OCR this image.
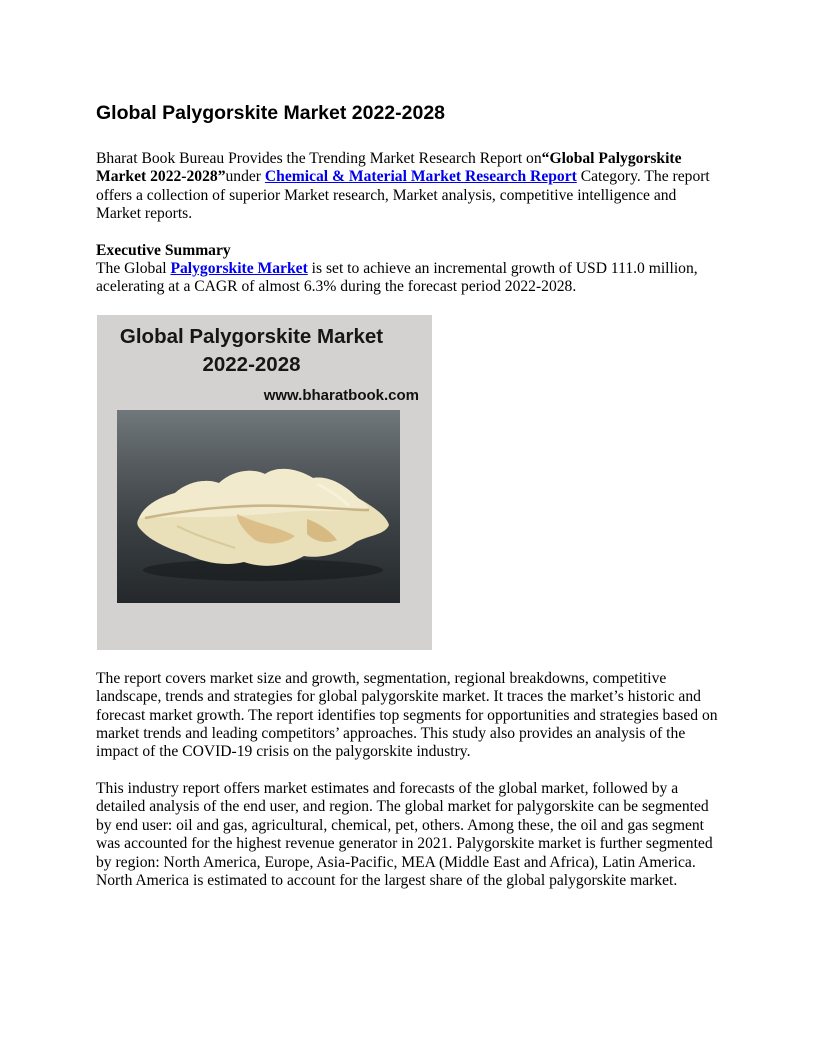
Global Palygorskite Market 2022-2028

Bharat Book Bureau Provides the Trending Market Research Report on“Global Palygorskite Market 2022-2028”under Chemical & Material Market Research Report Category. The report offers a collection of superior Market research, Market analysis, competitive intelligence and Market reports.

Executive Summary
The Global Palygorskite Market is set to achieve an incremental growth of USD 111.0 million, acelerating at a CAGR of almost 6.3% during the forecast period 2022-2028.

Global Palygorskite Market
2022-2028
www.bharatbook.com

The report covers market size and growth, segmentation, regional breakdowns, competitive landscape, trends and strategies for global palygorskite market. It traces the market’s historic and forecast market growth. The report identifies top segments for opportunities and strategies based on market trends and leading competitors’ approaches. This study also provides an analysis of the impact of the COVID-19 crisis on the palygorskite industry.

This industry report offers market estimates and forecasts of the global market, followed by a detailed analysis of the end user, and region. The global market for palygorskite can be segmented by end user: oil and gas, agricultural, chemical, pet, others. Among these, the oil and gas segment was accounted for the highest revenue generator in 2021. Palygorskite market is further segmented by region: North America, Europe, Asia-Pacific, MEA (Middle East and Africa), Latin America. North America is estimated to account for the largest share of the global palygorskite market.
